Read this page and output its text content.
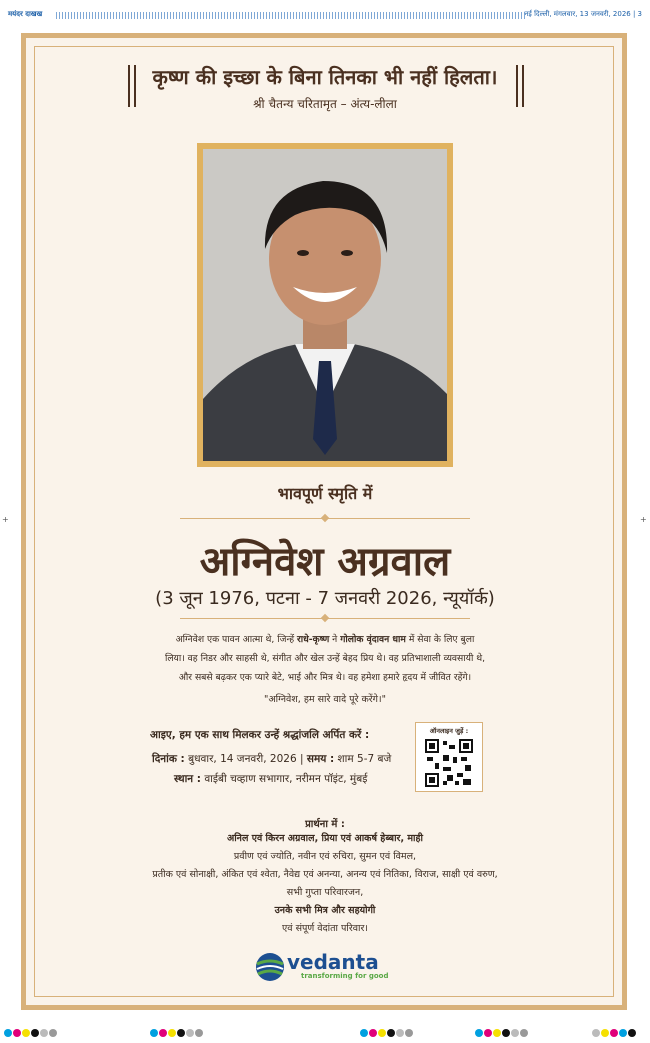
मयंदर दाखख	नई दिल्ली, मंगलवार, 13 जनवरी, 2026 | 3
कृष्ण की इच्छा के बिना तिनका भी नहीं हिलता।
श्री चैतन्य चरितामृत – अंत्य-लीला
भावपूर्ण स्मृति में
अग्निवेश अग्रवाल
(3 जून 1976, पटना - 7 जनवरी 2026, न्यूयॉर्क)

अग्निवेश एक पावन आत्मा थे, जिन्हें राधे-कृष्ण ने गोलोक वृंदावन धाम में सेवा के लिए बुला

लिया। वह निडर और साहसी थे, संगीत और खेल उन्हें बेहद प्रिय थे। वह प्रतिभाशाली व्यवसायी थे,

और सबसे बढ़कर एक प्यारे बेटे, भाई और मित्र थे। वह हमेशा हमारे हृदय में जीवित रहेंगे।

"अग्निवेश, हम सारे वादे पूरे करेंगे।"
आइए, हम एक साथ मिलकर उन्हें श्रद्धांजलि अर्पित करें :
दिनांक : बुधवार, 14 जनवरी, 2026 | समय : शाम 5-7 बजे
स्थान : वाईबी चव्हाण सभागार, नरीमन पॉइंट, मुंबई
ऑनलाइन जुड़ें :
प्रार्थना में :
अनिल एवं किरन अग्रवाल, प्रिया एवं आकर्ष हेब्बार, माही
प्रवीण एवं ज्योति, नवीन एवं रुचिरा, सुमन एवं विमल,
प्रतीक एवं सोनाक्षी, अंकित एवं श्वेता, नैवेद्य एवं अनन्या, अनन्य एवं नितिका, विराज, साक्षी एवं वरुण,
सभी गुप्ता परिवारजन,
उनके सभी मित्र और सहयोगी
एवं संपूर्ण वेदांता परिवार।
vedanta
transforming for good
+	+
